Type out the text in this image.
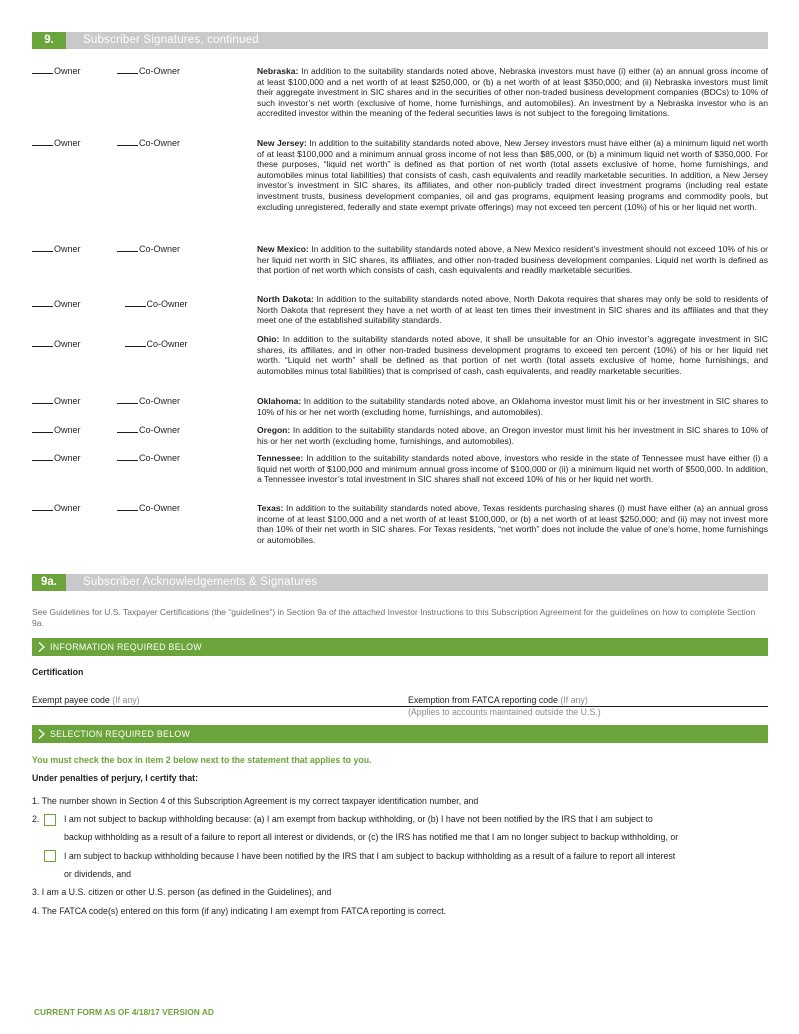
9.	Subscriber Signatures, continued
Owner	Co-Owner	Nebraska: In addition to the suitability standards noted above, Nebraska investors must have (i) either (a) an annual gross income of at least $100,000 and a net worth of at least $250,000, or (b) a net worth of at least $350,000; and (ii) Nebraska investors must limit their aggregate investment in SIC shares and in the securities of other non-traded business development companies (BDCs) to 10% of such investor’s net worth (exclusive of home, home furnishings, and automobiles). An investment by a Nebraska investor who is an accredited investor within the meaning of the federal securities laws is not subject to the foregoing limitations.
Owner	Co-Owner	New Jersey: In addition to the suitability standards noted above, New Jersey investors must have either (a) a minimum liquid net worth of at least $100,000 and a minimum annual gross income of not less than $85,000, or (b) a minimum liquid net worth of $350,000. For these purposes, “liquid net worth” is defined as that portion of net worth (total assets exclusive of home, home furnishings, and automobiles minus total liabilities) that consists of cash, cash equivalents and readily marketable securities. In addition, a New Jersey investor’s investment in SIC shares, its affiliates, and other non-publicly traded direct investment programs (including real estate investment trusts, business development companies, oil and gas programs, equipment leasing programs and commodity pools, but excluding unregistered, federally and state exempt private offerings) may not exceed ten percent (10%) of his or her liquid net worth.
Owner	Co-Owner	New Mexico: In addition to the suitability standards noted above, a New Mexico resident’s investment should not exceed 10% of his or her liquid net worth in SIC shares, its affiliates, and other non-traded business development companies. Liquid net worth is defined as that portion of net worth which consists of cash, cash equivalents and readily marketable securities.
Owner	Co-Owner	North Dakota: In addition to the suitability standards noted above, North Dakota requires that shares may only be sold to residents of North Dakota that represent they have a net worth of at least ten times their investment in SIC shares and its affiliates and that they meet one of the established suitability standards.
Owner	Co-Owner	Ohio: In addition to the suitability standards noted above, it shall be unsuitable for an Ohio investor’s aggregate investment in SIC shares, its affiliates, and in other non-traded business development programs to exceed ten percent (10%) of his or her liquid net worth. “Liquid net worth” shall be defined as that portion of net worth (total assets exclusive of home, home furnishings, and automobiles minus total liabilities) that is comprised of cash, cash equivalents, and readily marketable securities.
Owner	Co-Owner	Oklahoma: In addition to the suitability standards noted above, an Oklahoma investor must limit his or her investment in SIC shares to 10% of his or her net worth (excluding home, furnishings, and automobiles).
Owner	Co-Owner	Oregon: In addition to the suitability standards noted above, an Oregon investor must limit his her investment in SIC shares to 10% of his or her net worth (excluding home, furnishings, and automobiles).
Owner	Co-Owner	Tennessee: In addition to the suitability standards noted above, investors who reside in the state of Tennessee must have either (i) a liquid net worth of $100,000 and minimum annual gross income of $100,000 or (ii) a minimum liquid net worth of $500,000. In addition, a Tennessee investor’s total investment in SIC shares shall not exceed 10% of his or her liquid net worth.
Owner	Co-Owner	Texas: In addition to the suitability standards noted above, Texas residents purchasing shares (i) must have either (a) an annual gross income of at least $100,000 and a net worth of at least $100,000, or (b) a net worth of at least $250,000; and (ii) may not invest more than 10% of their net worth in SIC shares. For Texas residents, “net worth” does not include the value of one’s home, home furnishings or automobiles.
9a.	Subscriber Acknowledgements & Signatures
See Guidelines for U.S. Taxpayer Certifications (the “guidelines”) in Section 9a of the attached Investor Instructions to this Subscription Agreement for the guidelines on how to complete Section 9a.
INFORMATION REQUIRED BELOW
Certification
Exempt payee code (If any)	Exemption from FATCA reporting code (If any)
(Applies to accounts maintained outside the U.S.)
SELECTION REQUIRED BELOW
You must check the box in item 2 below next to the statement that applies to you.
Under penalties of perjury, I certify that:
1. The number shown in Section 4 of this Subscription Agreement is my correct taxpayer identification number, and
2.	I am not subject to backup withholding because: (a) I am exempt from backup withholding, or (b) I have not been notified by the IRS that I am subject to
backup withholding as a result of a failure to report all interest or dividends, or (c) the IRS has notified me that I am no longer subject to backup withholding, or
I am subject to backup withholding because I have been notified by the IRS that I am subject to backup withholding as a result of a failure to report all interest
or dividends, and
3. I am a U.S. citizen or other U.S. person (as defined in the Guidelines), and
4. The FATCA code(s) entered on this form (if any) indicating I am exempt from FATCA reporting is correct.
CURRENT FORM AS OF 4/18/17 VERSION AD
